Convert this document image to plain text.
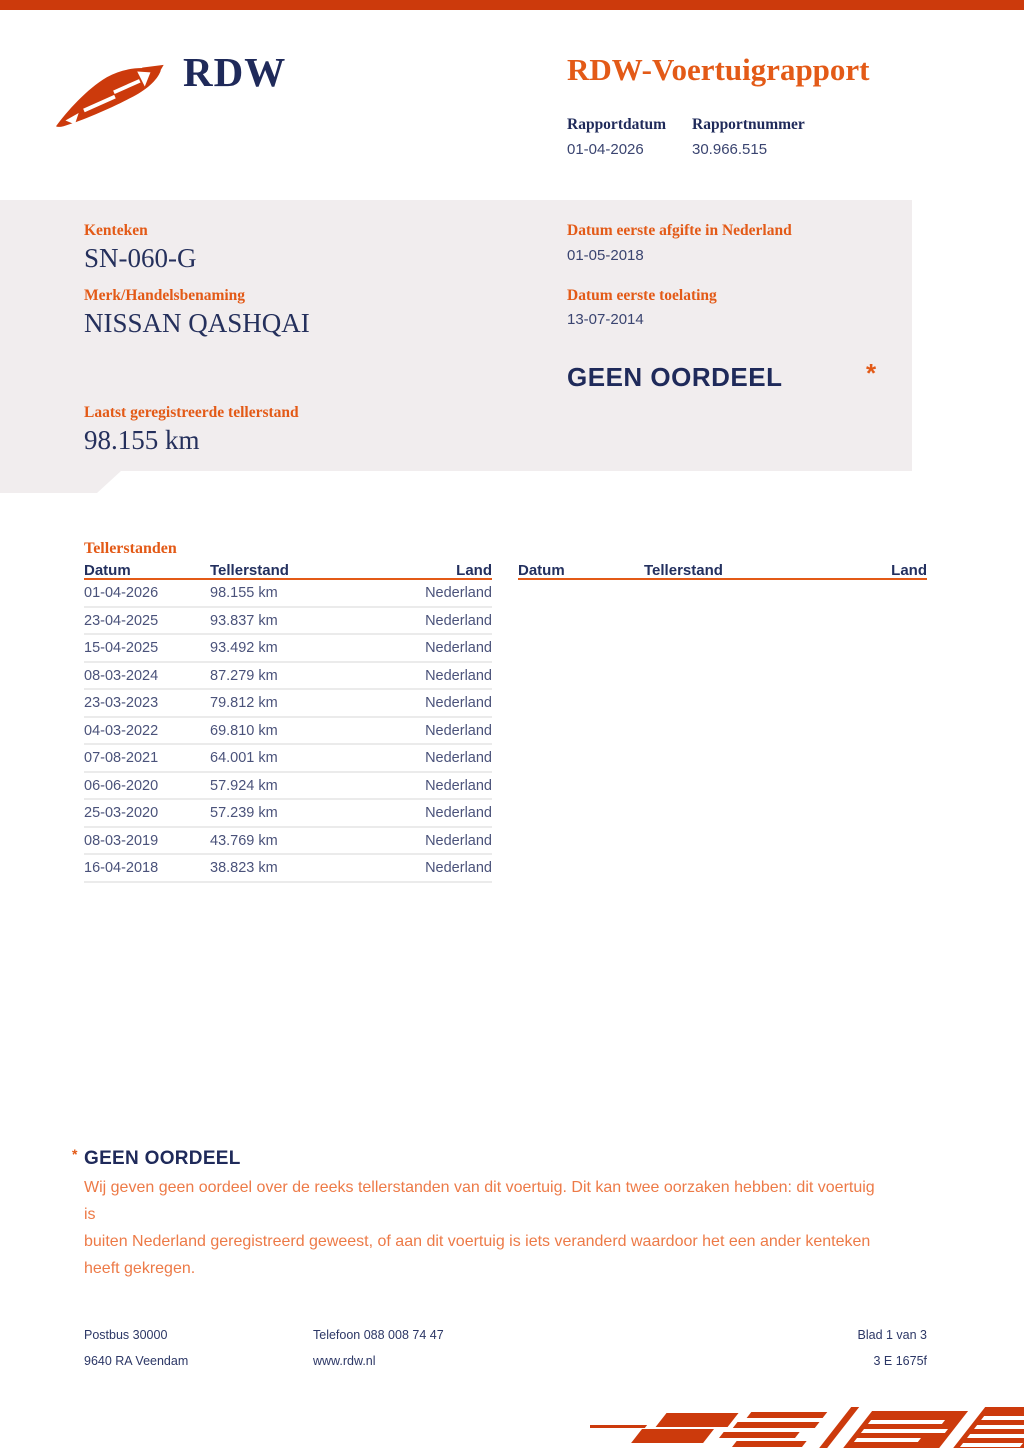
RDW	RDW-Voertuigrapport
Rapportdatum Rapportnummer
01-04-2026	30.966.515
Kenteken
SN-060-G
Merk/Handelsbenaming
NISSAN QASHQAI
Laatst geregistreerde tellerstand
98.155 km
Datum eerste afgifte in Nederland
01-05-2018
Datum eerste toelating
13-07-2014
GEEN OORDEEL	*
Tellerstanden
Datum	Tellerstand	Land
01-04-2026	98.155 km	Nederland
23-04-2025	93.837 km	Nederland
15-04-2025	93.492 km	Nederland
08-03-2024	87.279 km	Nederland
23-03-2023	79.812 km	Nederland
04-03-2022	69.810 km	Nederland
07-08-2021	64.001 km	Nederland
06-06-2020	57.924 km	Nederland
25-03-2020	57.239 km	Nederland
08-03-2019	43.769 km	Nederland
16-04-2018	38.823 km	Nederland
Datum	Tellerstand	Land
* GEEN OORDEEL
Wij geven geen oordeel over de reeks tellerstanden van dit voertuig. Dit kan twee oorzaken hebben: dit voertuig is
buiten Nederland geregistreerd geweest, of aan dit voertuig is iets veranderd waardoor het een ander kenteken
heeft gekregen.
Postbus 30000
9640 RA Veendam
Telefoon 088 008 74 47
www.rdw.nl
Blad 1 van 3
3 E 1675f
